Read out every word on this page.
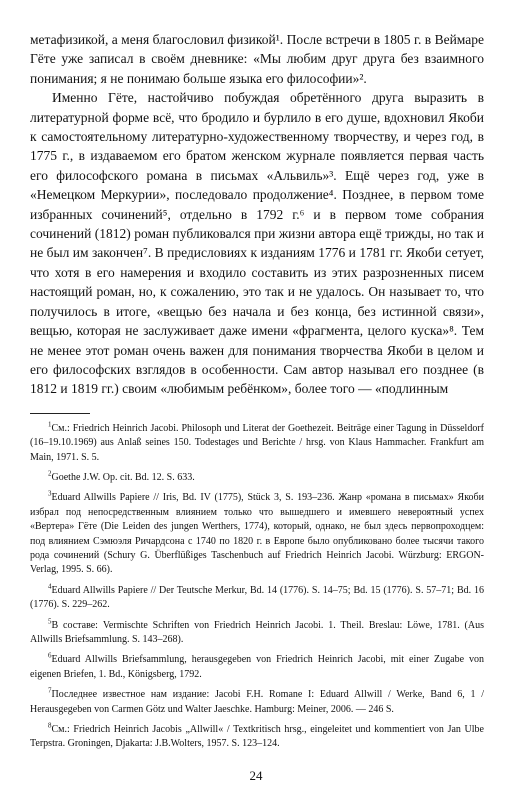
метафизикой, а меня благословил физикой¹. После встречи в 1805 г. в Веймаре Гёте уже записал в своём дневнике: «Мы любим друг друга без взаимного понимания; я не понимаю больше языка его философии»².

Именно Гёте, настойчиво побуждая обретённого друга выразить в литературной форме всё, что бродило и бурлило в его душе, вдохновил Якоби к самостоятельному литературно-художественному творчеству, и через год, в 1775 г., в издаваемом его братом женском журнале появляется первая часть его философского романа в письмах «Альвиль»³. Ещё через год, уже в «Немецком Меркурии», последовало продолжение⁴. Позднее, в первом томе избранных сочинений⁵, отдельно в 1792 г.⁶ и в первом томе собрания сочинений (1812) роман публиковался при жизни автора ещё трижды, но так и не был им закончен⁷. В предисловиях к изданиям 1776 и 1781 гг. Якоби сетует, что хотя в его намерения и входило составить из этих разрозненных писем настоящий роман, но, к сожалению, это так и не удалось. Он называет то, что получилось в итоге, «вещью без начала и без конца, без истинной связи», вещью, которая не заслуживает даже имени «фрагмента, целого куска»⁸. Тем не менее этот роман очень важен для понимания творчества Якоби в целом и его философских взглядов в особенности. Сам автор называл его позднее (в 1812 и 1819 гг.) своим «любимым ребёнком», более того — «подлинным

$^1$См.: Friedrich Heinrich Jacobi. Philosoph und Literat der Goethezeit. Beiträge einer Tagung in Düsseldorf (16–19.10.1969) aus Anlaß seines 150. Todestages und Berichte / hrsg. von Klaus Hammacher. Frankfurt am Main, 1971. S. 5.

$^2$Goethe J.W. Op. cit. Bd. 12. S. 633.

$^3$Eduard Allwills Papiere // Iris, Bd. IV (1775), Stück 3, S. 193–236. Жанр «романа в письмах» Якоби избрал под непосредственным влиянием только что вышедшего и имевшего невероятный успех «Вертера» Гёте (Die Leiden des jungen Werthers, 1774), который, однако, не был здесь первопроходцем: под влиянием Сэмюэля Ричардсона с 1740 по 1820 г. в Европе было опубликовано более тысячи такого рода сочинений (Schury G. Überflüßiges Taschenbuch auf Friedrich Heinrich Jacobi. Würzburg: ERGON-Verlag, 1995. S. 66).

$^4$Eduard Allwills Papiere // Der Teutsche Merkur, Bd. 14 (1776). S. 14–75; Bd. 15 (1776). S. 57–71; Bd. 16 (1776). S. 229–262.

$^5$В составе: Vermischte Schriften von Friedrich Heinrich Jacobi. 1. Theil. Breslau: Löwe, 1781. (Aus Allwills Briefsammlung. S. 143–268).

$^6$Eduard Allwills Briefsammlung, herausgegeben von Friedrich Heinrich Jacobi, mit einer Zugabe von eigenen Briefen, 1. Bd., Königsberg, 1792.

$^7$Последнее известное нам издание: Jacobi F.H. Romane I: Eduard Allwill / Werke, Band 6, 1 / Herausgegeben von Carmen Götz und Walter Jaeschke. Hamburg: Meiner, 2006. — 246 S.

$^8$См.: Friedrich Heinrich Jacobis „Allwill« / Textkritisch hrsg., eingeleitet und kommentiert von Jan Ulbe Terpstra. Groningen, Djakarta: J.B.Wolters, 1957. S. 123–124.

24
